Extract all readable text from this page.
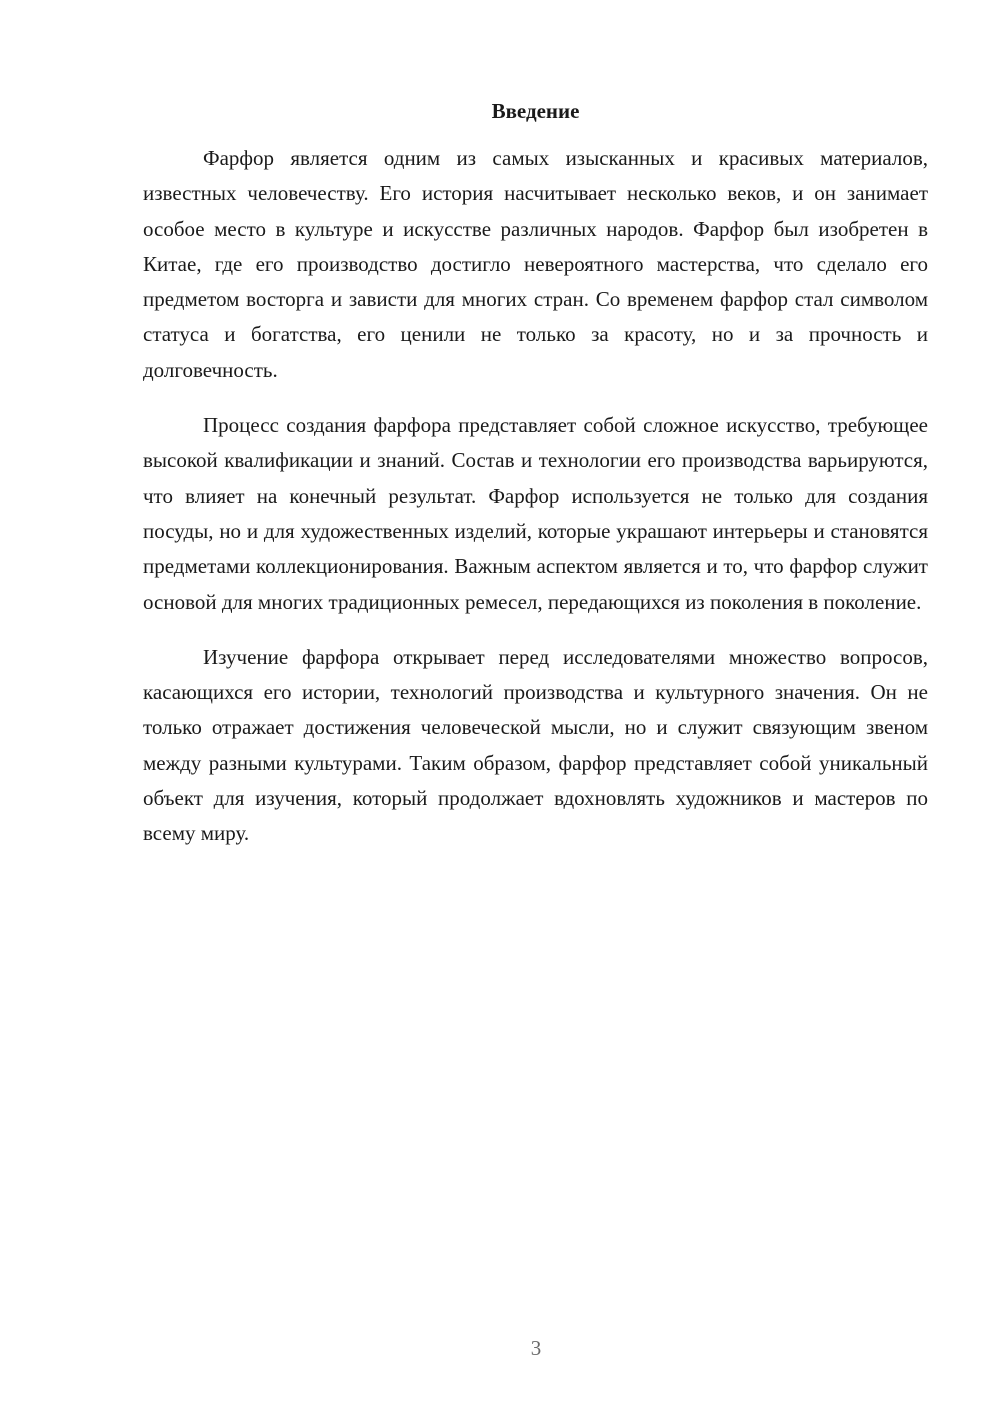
Введение

Фарфор является одним из самых изысканных и красивых материалов, известных человечеству. Его история насчитывает несколько веков, и он занимает особое место в культуре и искусстве различных народов. Фарфор был изобретен в Китае, где его производство достигло невероятного мастерства, что сделало его предметом восторга и зависти для многих стран. Со временем фарфор стал символом статуса и богатства, его ценили не только за красоту, но и за прочность и долговечность.

Процесс создания фарфора представляет собой сложное искусство, требующее высокой квалификации и знаний. Состав и технологии его производства варьируются, что влияет на конечный результат. Фарфор используется не только для создания посуды, но и для художественных изделий, которые украшают интерьеры и становятся предметами коллекционирования. Важным аспектом является и то, что фарфор служит основой для многих традиционных ремесел, передающихся из поколения в поколение.

Изучение фарфора открывает перед исследователями множество вопросов, касающихся его истории, технологий производства и культурного значения. Он не только отражает достижения человеческой мысли, но и служит связующим звеном между разными культурами. Таким образом, фарфор представляет собой уникальный объект для изучения, который продолжает вдохновлять художников и мастеров по всему миру.

3
